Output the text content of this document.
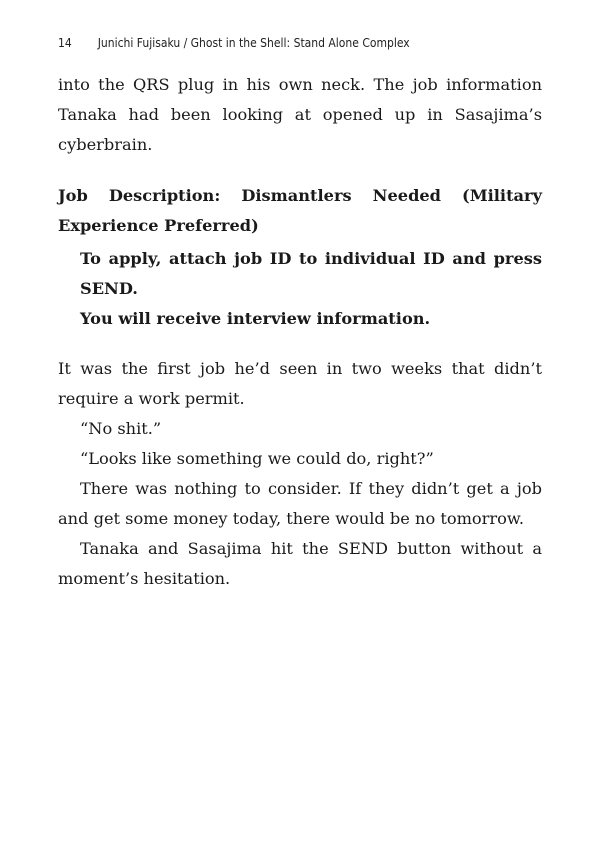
14 Junichi Fujisaku / Ghost in the Shell: Stand Alone Complex

into the QRS plug in his own neck. The job information Tanaka had been looking at opened up in Sasajima’s cyberbrain.

Job Description: Dismantlers Needed (Military Experience Preferred)

To apply, attach job ID to individual ID and press SEND.

You will receive interview information.

It was the first job he’d seen in two weeks that didn’t require a work permit.

“No shit.”

“Looks like something we could do, right?”

There was nothing to consider. If they didn’t get a job and get some money today, there would be no tomorrow.

Tanaka and Sasajima hit the SEND button without a moment’s hesitation.
